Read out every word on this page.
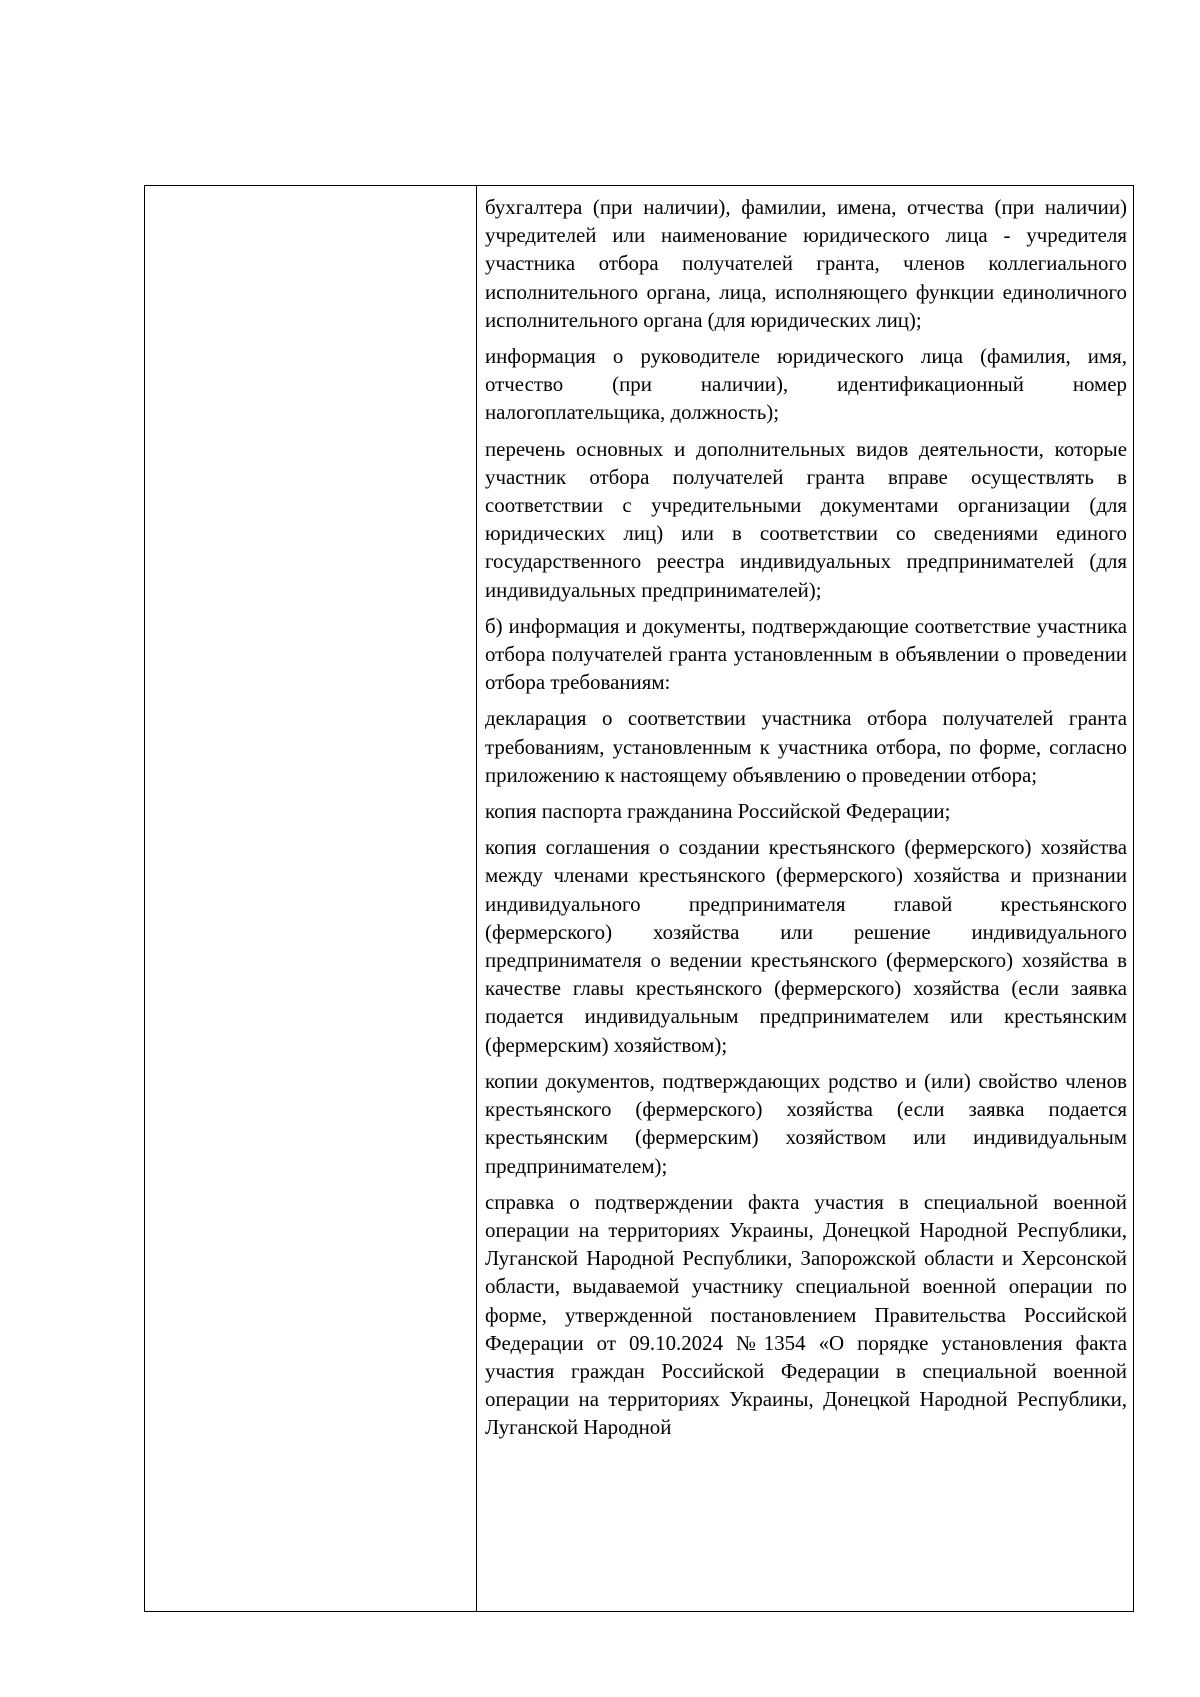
бухгалтера (при наличии), фамилии, имена, отчества (при наличии) учредителей или наименование юридического лица - учредителя участника отбора получателей гранта, членов коллегиального исполнительного органа, лица, исполняющего функции единоличного исполнительного органа (для юридических лиц);

информация о руководителе юридического лица (фамилия, имя, отчество (при наличии), идентификационный номер налогоплательщика, должность);

перечень основных и дополнительных видов деятельности, которые участник отбора получателей гранта вправе осуществлять в соответствии с учредительными документами организации (для юридических лиц) или в соответствии со сведениями единого государственного реестра индивидуальных предпринимателей (для индивидуальных предпринимателей);

б) информация и документы, подтверждающие соответствие участника отбора получателей гранта установленным в объявлении о проведении отбора требованиям:

декларация о соответствии участника отбора получателей гранта требованиям, установленным к участника отбора, по форме, согласно приложению к настоящему объявлению о проведении отбора;

копия паспорта гражданина Российской Федерации;

копия соглашения о создании крестьянского (фермерского) хозяйства между членами крестьянского (фермерского) хозяйства и признании индивидуального предпринимателя главой крестьянского (фермерского) хозяйства или решение индивидуального предпринимателя о ведении крестьянского (фермерского) хозяйства в качестве главы крестьянского (фермерского) хозяйства (если заявка подается индивидуальным предпринимателем или крестьянским (фермерским) хозяйством);

копии документов, подтверждающих родство и (или) свойство членов крестьянского (фермерского) хозяйства (если заявка подается крестьянским (фермерским) хозяйством или индивидуальным предпринимателем);

справка о подтверждении факта участия в специальной военной операции на территориях Украины, Донецкой Народной Республики, Луганской Народной Республики, Запорожской области и Херсонской области, выдаваемой участнику специальной военной операции по форме, утвержденной постановлением Правительства Российской Федерации от 09.10.2024 №1354 «О порядке установления факта участия граждан Российской Федерации в специальной военной операции на территориях Украины, Донецкой Народной Республики, Луганской Народной
